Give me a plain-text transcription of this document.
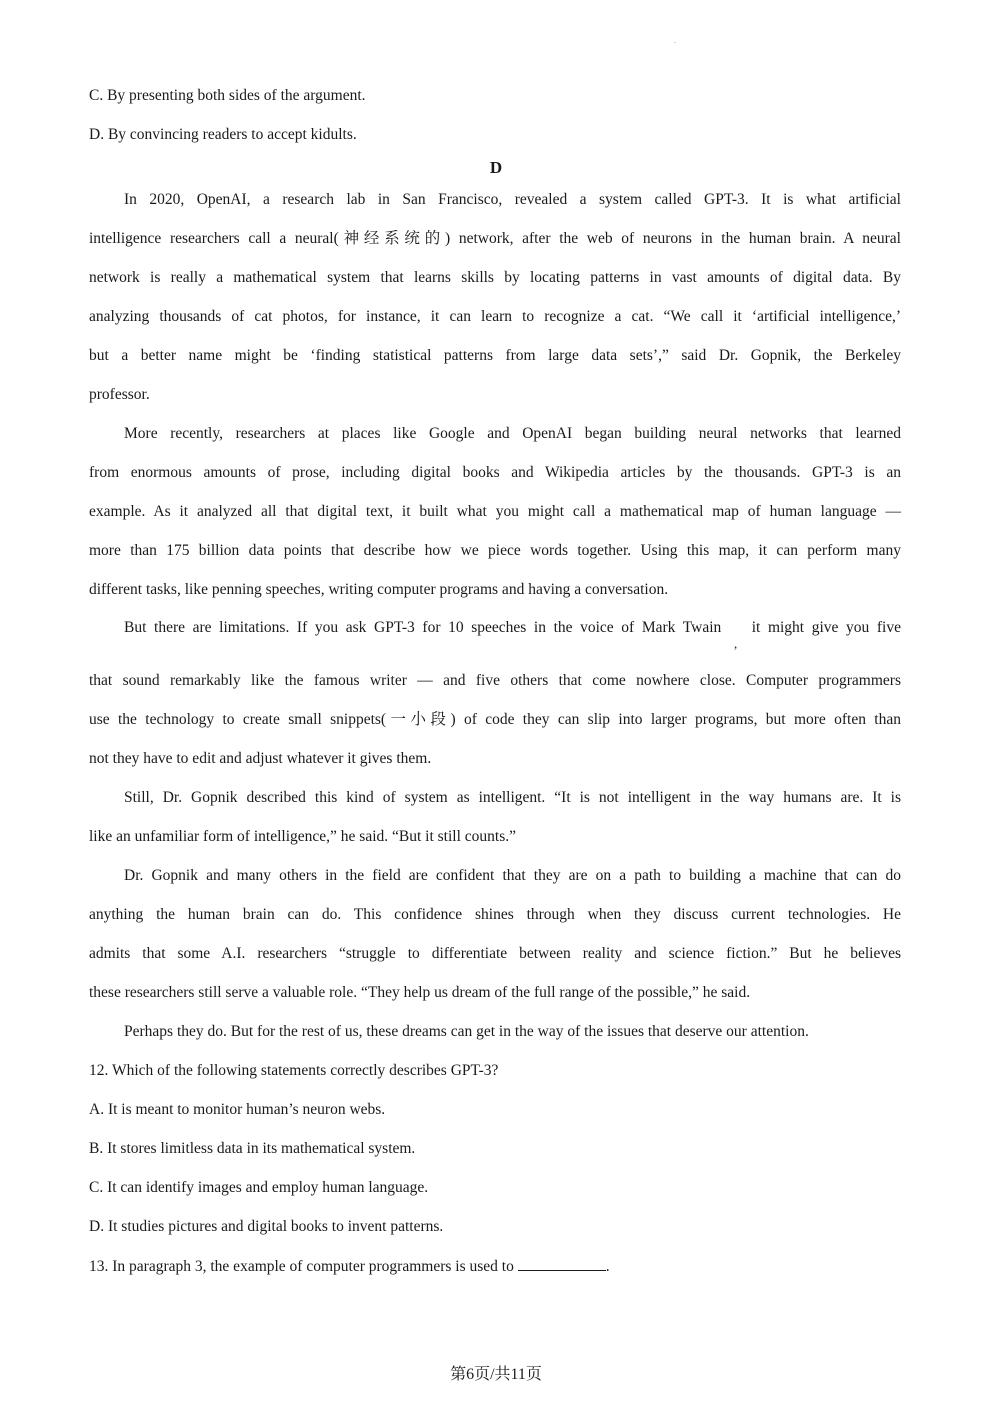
.
C. By presenting both sides of the argument.
D. By convincing readers to accept kidults.
D
In 2020, OpenAI, a research lab in San Francisco, revealed a system called GPT-3. It is what artificial
intelligence researchers call a neural(神经系统的) network, after the web of neurons in the human brain. A neural
network is really a mathematical system that learns skills by locating patterns in vast amounts of digital data. By
analyzing thousands of cat photos, for instance, it can learn to recognize a cat. “We call it ‘artificial intelligence,’
but a better name might be ‘finding statistical patterns from large data sets’,” said Dr. Gopnik, the Berkeley
professor.
More recently, researchers at places like Google and OpenAI began building neural networks that learned
from enormous amounts of prose, including digital books and Wikipedia articles by the thousands. GPT-3 is an
example. As it analyzed all that digital text, it built what you might call a mathematical map of human language —
more than 175 billion data points that describe how we piece words together. Using this map, it can perform many
different tasks, like penning speeches, writing computer programs and having a conversation.
But there are limitations. If you ask GPT-3 for 10 speeches in the voice of Mark Twain    it might give you five
,
that sound remarkably like the famous writer — and five others that come nowhere close. Computer programmers
use the technology to create small snippets(一小段) of code they can slip into larger programs, but more often than
not they have to edit and adjust whatever it gives them.
Still, Dr. Gopnik described this kind of system as intelligent. “It is not intelligent in the way humans are. It is
like an unfamiliar form of intelligence,” he said. “But it still counts.”
Dr. Gopnik and many others in the field are confident that they are on a path to building a machine that can do
anything the human brain can do. This confidence shines through when they discuss current technologies. He
admits that some A.I. researchers “struggle to differentiate between reality and science fiction.” But he believes
these researchers still serve a valuable role. “They help us dream of the full range of the possible,” he said.
Perhaps they do. But for the rest of us, these dreams can get in the way of the issues that deserve our attention.
12. Which of the following statements correctly describes GPT-3?
A. It is meant to monitor human’s neuron webs.
B. It stores limitless data in its mathematical system.
C. It can identify images and employ human language.
D. It studies pictures and digital books to invent patterns.
13. In paragraph 3, the example of computer programmers is used to	.
第6页/共11页
